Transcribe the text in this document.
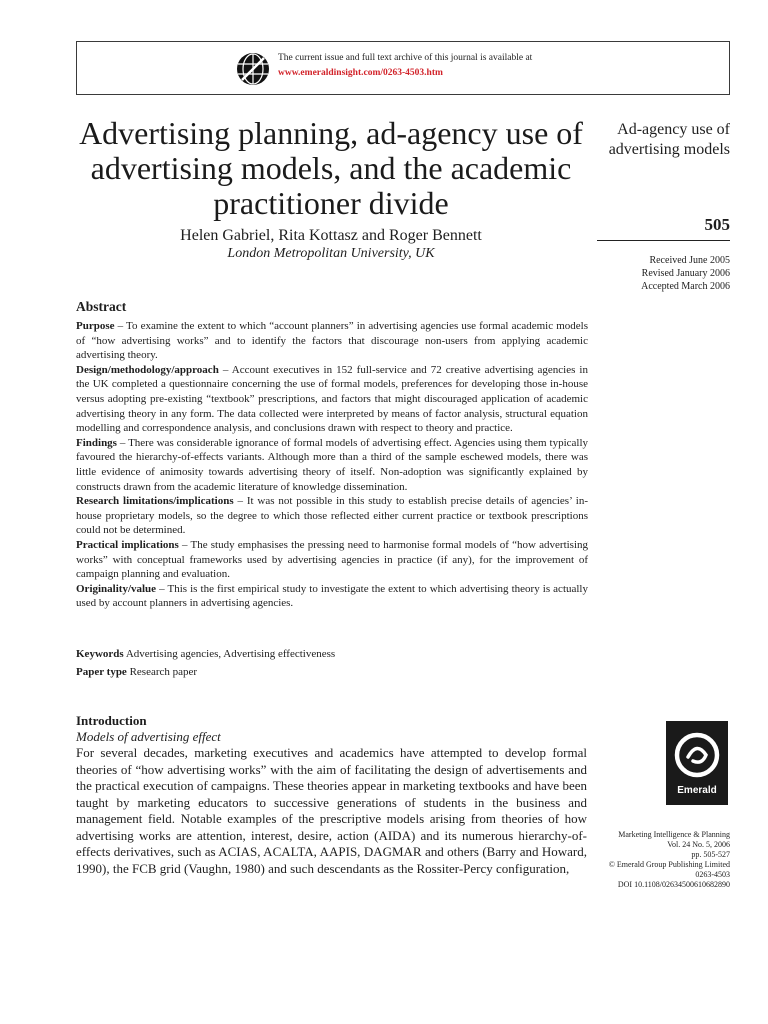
The current issue and full text archive of this journal is available at
www.emeraldinsight.com/0263-4503.htm
Advertising planning, ad-agency use of advertising models, and the academic practitioner divide
Helen Gabriel, Rita Kottasz and Roger Bennett
London Metropolitan University, UK
Ad-agency use of advertising models
505
Received June 2005
Revised January 2006
Accepted March 2006
Abstract

Purpose – To examine the extent to which “account planners” in advertising agencies use formal academic models of “how advertising works” and to identify the factors that discourage non-users from applying academic advertising theory.

Design/methodology/approach – Account executives in 152 full-service and 72 creative advertising agencies in the UK completed a questionnaire concerning the use of formal models, preferences for developing those in-house versus adopting pre-existing “textbook” prescriptions, and factors that might discouraged application of academic advertising theory in any form. The data collected were interpreted by means of factor analysis, structural equation modelling and correspondence analysis, and conclusions drawn with respect to theory and practice.

Findings – There was considerable ignorance of formal models of advertising effect. Agencies using them typically favoured the hierarchy-of-effects variants. Although more than a third of the sample eschewed models, there was little evidence of animosity towards advertising theory of itself. Non-adoption was significantly explained by constructs drawn from the academic literature of knowledge dissemination.

Research limitations/implications – It was not possible in this study to establish precise details of agencies’ in-house proprietary models, so the degree to which those reflected either current practice or textbook prescriptions could not be determined.

Practical implications – The study emphasises the pressing need to harmonise formal models of “how advertising works” with conceptual frameworks used by advertising agencies in practice (if any), for the improvement of campaign planning and evaluation.

Originality/value – This is the first empirical study to investigate the extent to which advertising theory is actually used by account planners in advertising agencies.

Keywords Advertising agencies, Advertising effectiveness
Paper type Research paper
Introduction
Models of advertising effect
For several decades, marketing executives and academics have attempted to develop formal theories of “how advertising works” with the aim of facilitating the design of advertisements and the practical execution of campaigns. These theories appear in marketing textbooks and have been taught by marketing educators to successive generations of students in the business and management field. Notable examples of the prescriptive models arising from theories of how advertising works are attention, interest, desire, action (AIDA) and its numerous hierarchy-of-effects derivatives, such as ACIAS, ACALTA, AAPIS, DAGMAR and others (Barry and Howard, 1990), the FCB grid (Vaughn, 1980) and such descendants as the Rossiter-Percy configuration,
Emerald
Marketing Intelligence & Planning
Vol. 24 No. 5, 2006
pp. 505-527
© Emerald Group Publishing Limited
0263-4503
DOI 10.1108/02634500610682890
